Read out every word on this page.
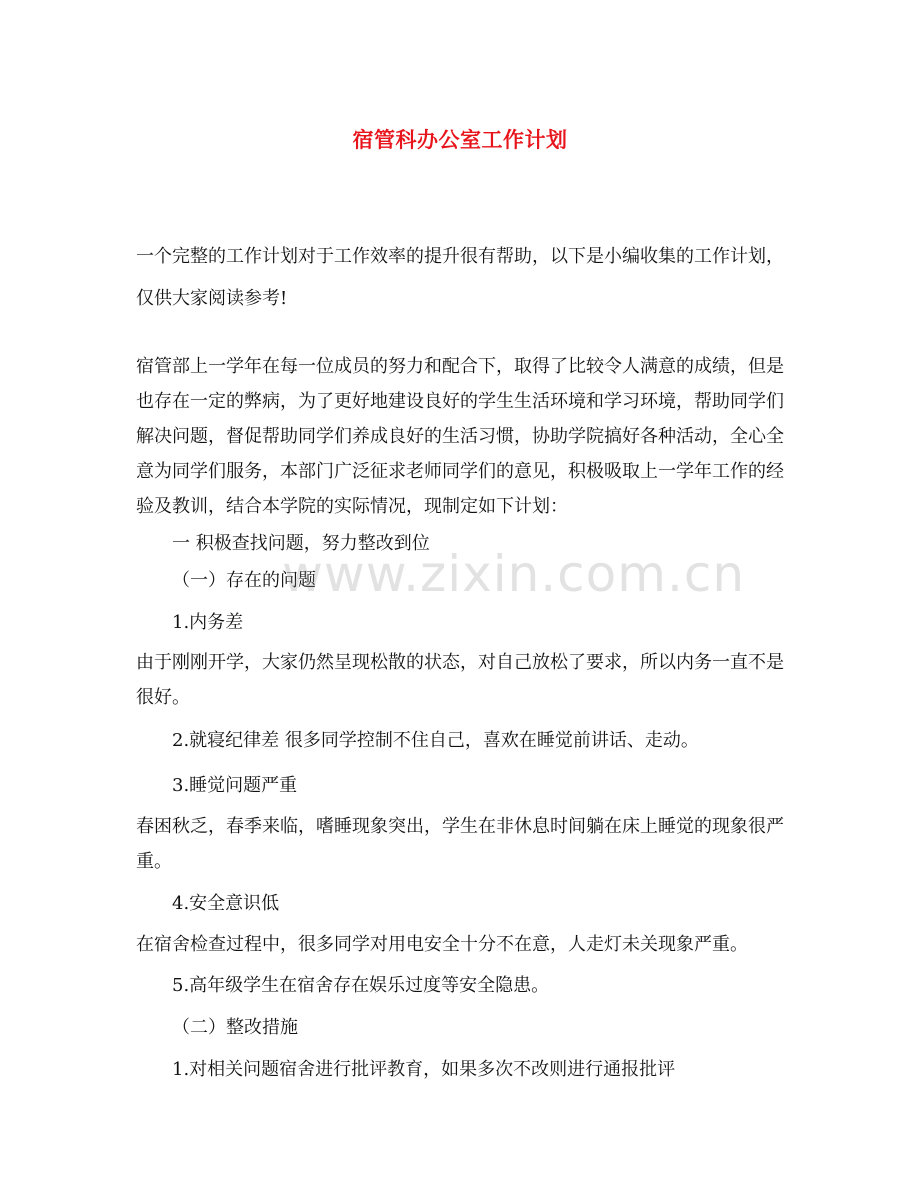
宿管科办公室工作计划
一个完整的工作计划对于工作效率的提升很有帮助，以下是小编收集的工作计划，仅供大家阅读参考!
宿管部上一学年在每一位成员的努力和配合下，取得了比较令人满意的成绩，但是也存在一定的弊病，为了更好地建设良好的学生生活环境和学习环境，帮助同学们解决问题，督促帮助同学们养成良好的生活习惯，协助学院搞好各种活动，全心全意为同学们服务，本部门广泛征求老师同学们的意见，积极吸取上一学年工作的经验及教训，结合本学院的实际情况，现制定如下计划：
一 积极查找问题，努力整改到位
（一）存在的问题
1.内务差
由于刚刚开学，大家仍然呈现松散的状态，对自己放松了要求，所以内务一直不是
很好。
2.就寝纪律差 很多同学控制不住自己，喜欢在睡觉前讲话、走动。
3.睡觉问题严重
春困秋乏，春季来临，嗜睡现象突出，学生在非休息时间躺在床上睡觉的现象很严
重。
4.安全意识低
在宿舍检查过程中，很多同学对用电安全十分不在意，人走灯未关现象严重。
5.高年级学生在宿舍存在娱乐过度等安全隐患。
（二）整改措施
1.对相关问题宿舍进行批评教育，如果多次不改则进行通报批评
www.zixin.com.cn
